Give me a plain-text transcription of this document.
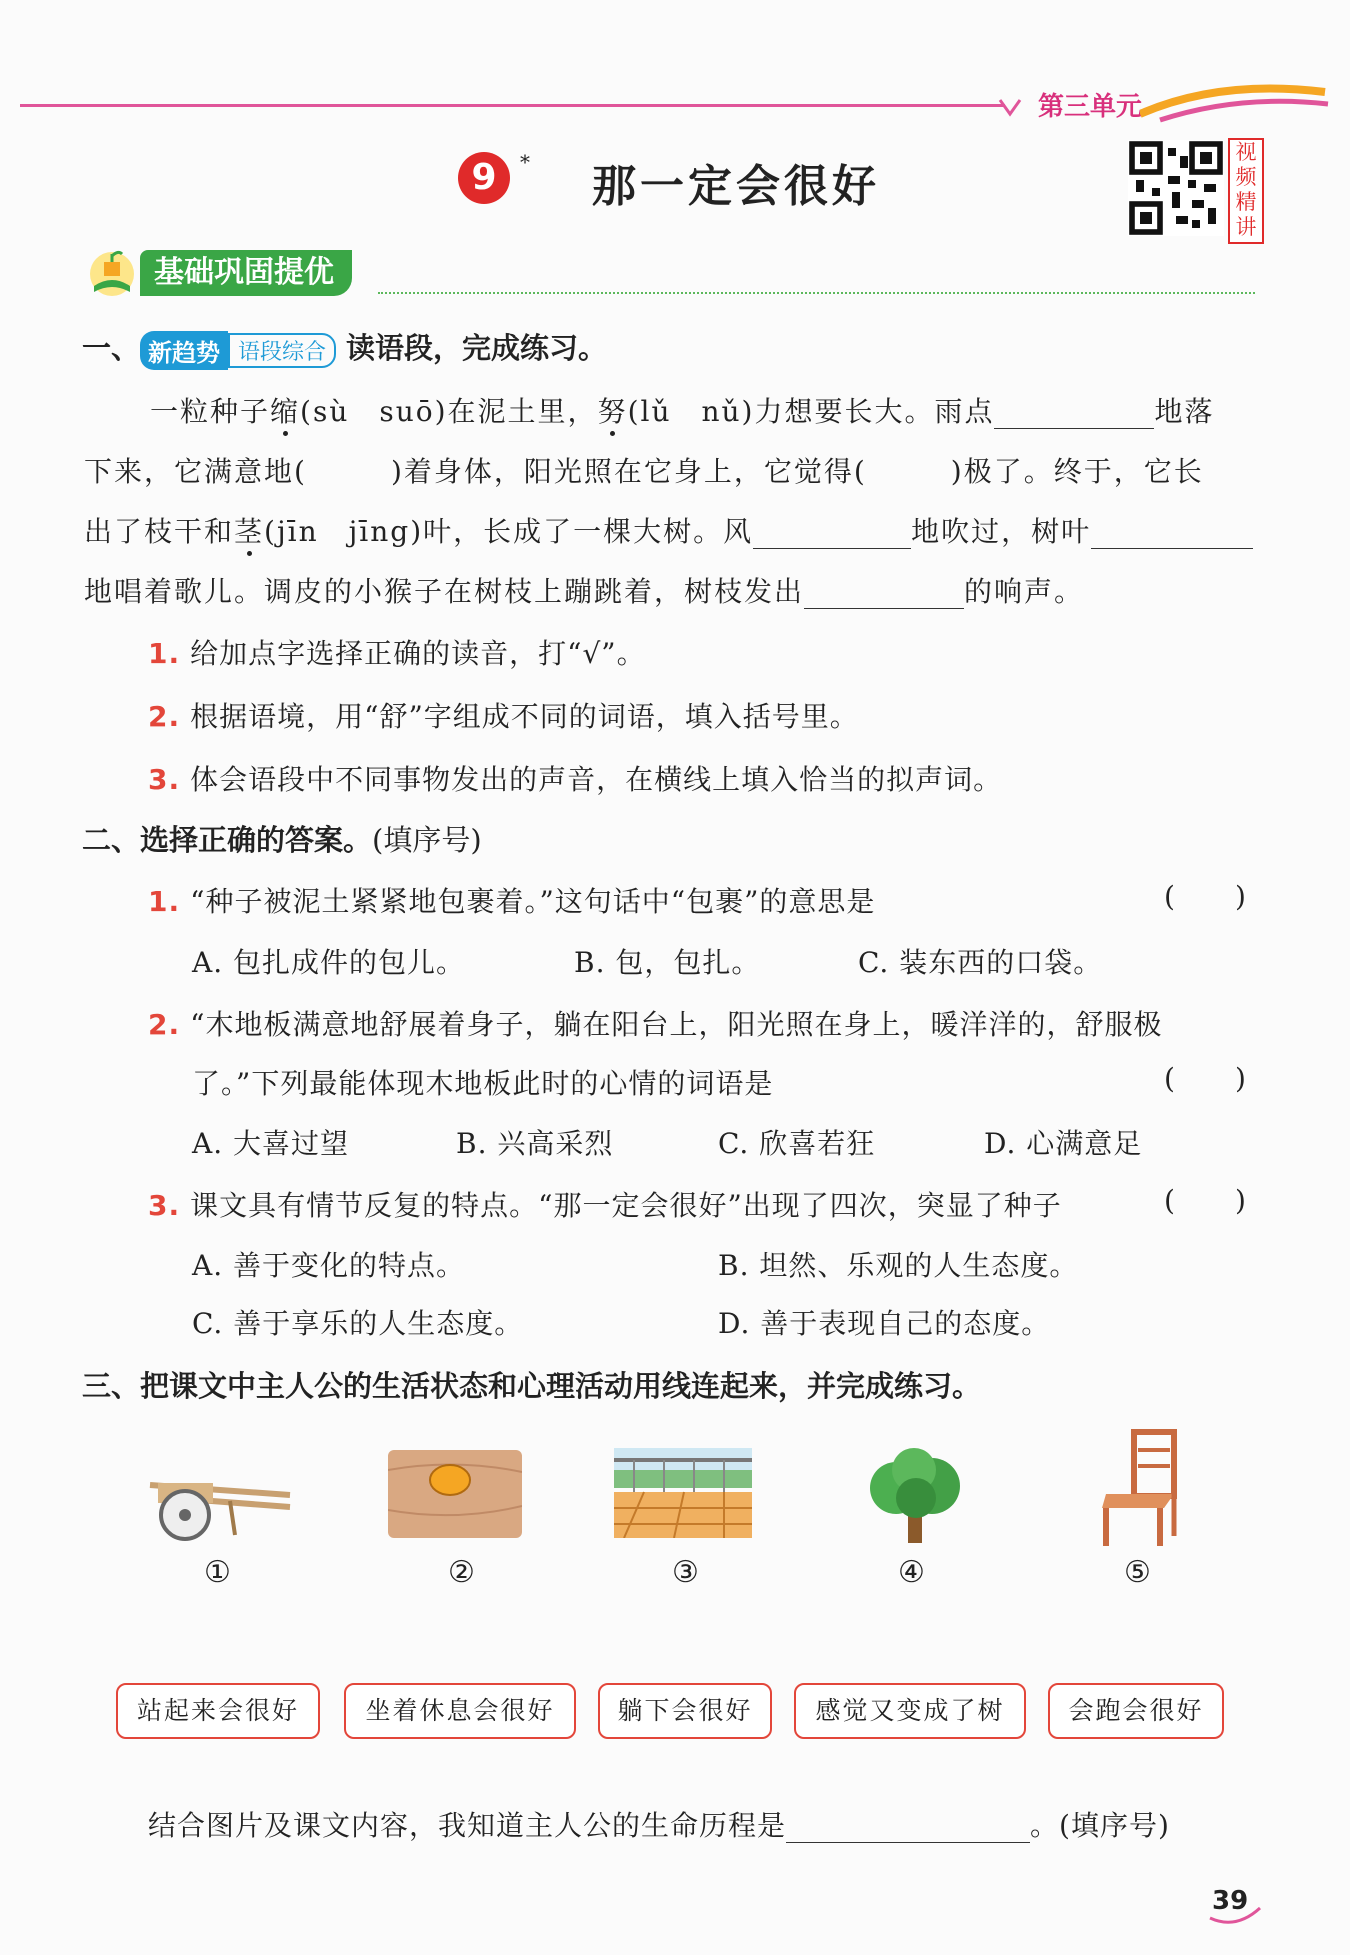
第三单元
9	* 那一定会很好
视频精讲
基础巩固提优
一、 新趋势 语段综合 读语段，完成练习。
一粒种子缩(sù　suō)在泥土里，努(lǔ　nǔ)力想要长大。雨点	地落
下来，它满意地(	)着身体，阳光照在它身上，它觉得(	)极了。终于，它长
出了枝干和茎(jīn　jīng)叶，长成了一棵大树。风	地吹过，树叶
地唱着歌儿。调皮的小猴子在树枝上蹦跳着，树枝发出	的响声。
1. 给加点字选择正确的读音，打“√”。
2. 根据语境，用“舒”字组成不同的词语，填入括号里。
3. 体会语段中不同事物发出的声音，在横线上填入恰当的拟声词。
二、选择正确的答案。(填序号)
1. “种子被泥土紧紧地包裹着。”这句话中“包裹”的意思是	( )
A. 包扎成件的包儿。	B. 包，包扎。	C. 装东西的口袋。
2. “木地板满意地舒展着身子，躺在阳台上，阳光照在身上，暖洋洋的，舒服极
了。”下列最能体现木地板此时的心情的词语是	( )
A. 大喜过望	B. 兴高采烈	C. 欣喜若狂	D. 心满意足
3. 课文具有情节反复的特点。“那一定会很好”出现了四次，突显了种子	( )
A. 善于变化的特点。	B. 坦然、乐观的人生态度。
C. 善于享乐的人生态度。	D. 善于表现自己的态度。
三、把课文中主人公的生活状态和心理活动用线连起来，并完成练习。
①	②	③	④	⑤
站起来会很好	坐着休息会很好	躺下会很好	感觉又变成了树	会跑会很好
结合图片及课文内容，我知道主人公的生命历程是	。(填序号)
39
